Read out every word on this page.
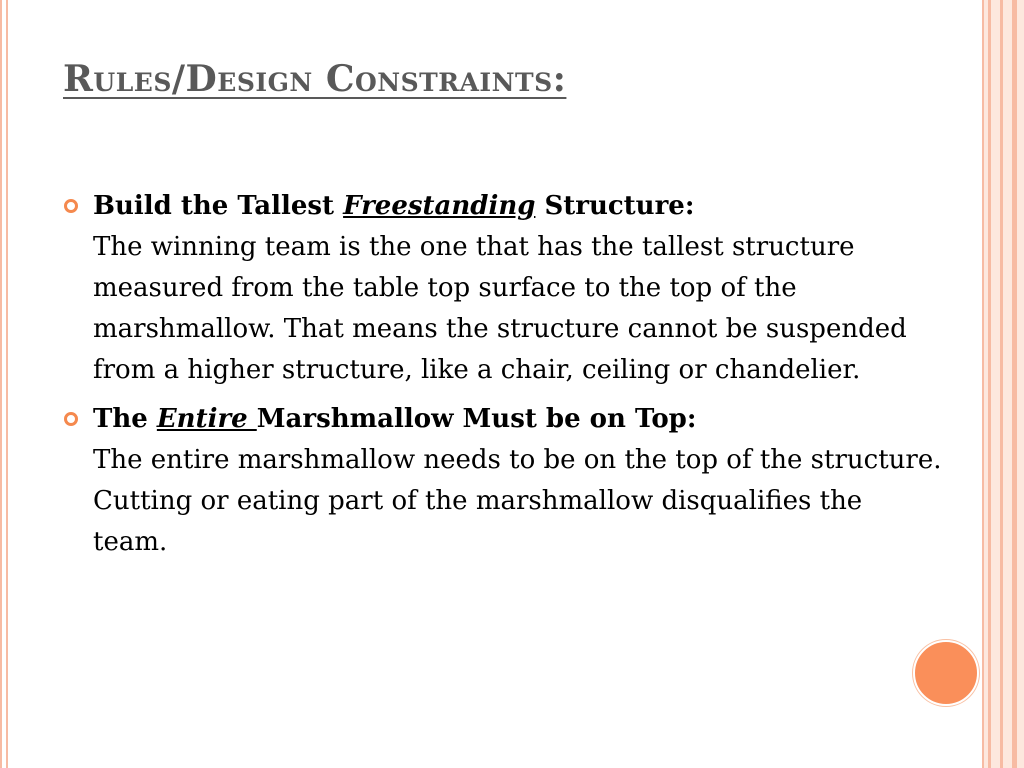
Rules/Design Constraints:
Build the Tallest Freestanding Structure:
The winning team is the one that has the tallest structure measured from the table top surface to the top of the marshmallow. That means the structure cannot be suspended from a higher structure, like a chair, ceiling or chandelier.
The Entire Marshmallow Must be on Top:
The entire marshmallow needs to be on the top of the structure. Cutting or eating part of the marshmallow disqualifies the team.
